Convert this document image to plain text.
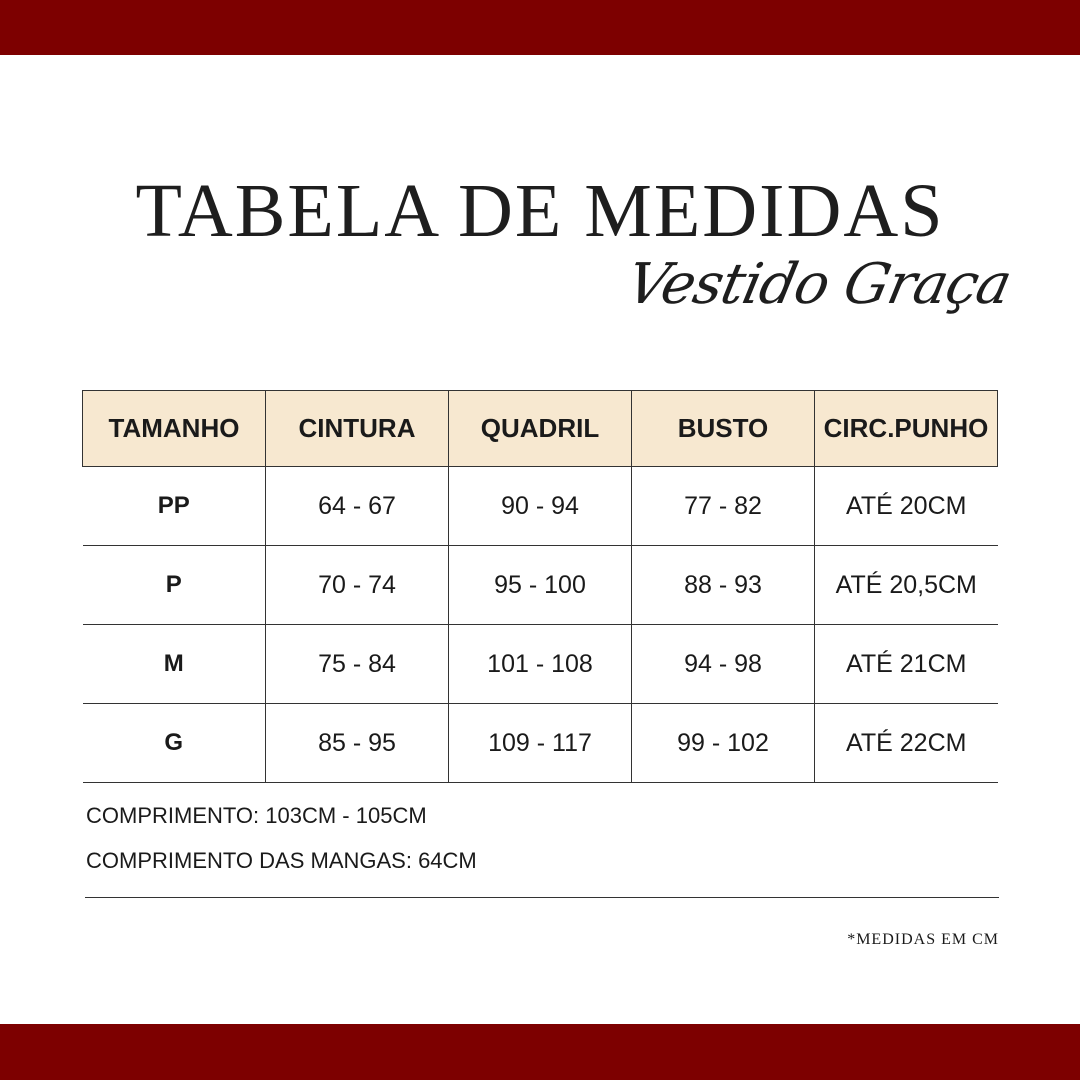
TABELA DE MEDIDAS
Vestido Graça
TAMANHO	CINTURA	QUADRIL	BUSTO	CIRC.PUNHO
PP	64 - 67	90 - 94	77 - 82	ATÉ 20CM
P	70 - 74	95 - 100	88 - 93	ATÉ 20,5CM
M	75 - 84	101 - 108	94 - 98	ATÉ 21CM
G	85 - 95	109 - 117	99 - 102	ATÉ 22CM
COMPRIMENTO: 103CM - 105CM
COMPRIMENTO DAS MANGAS: 64CM
*MEDIDAS EM CM
